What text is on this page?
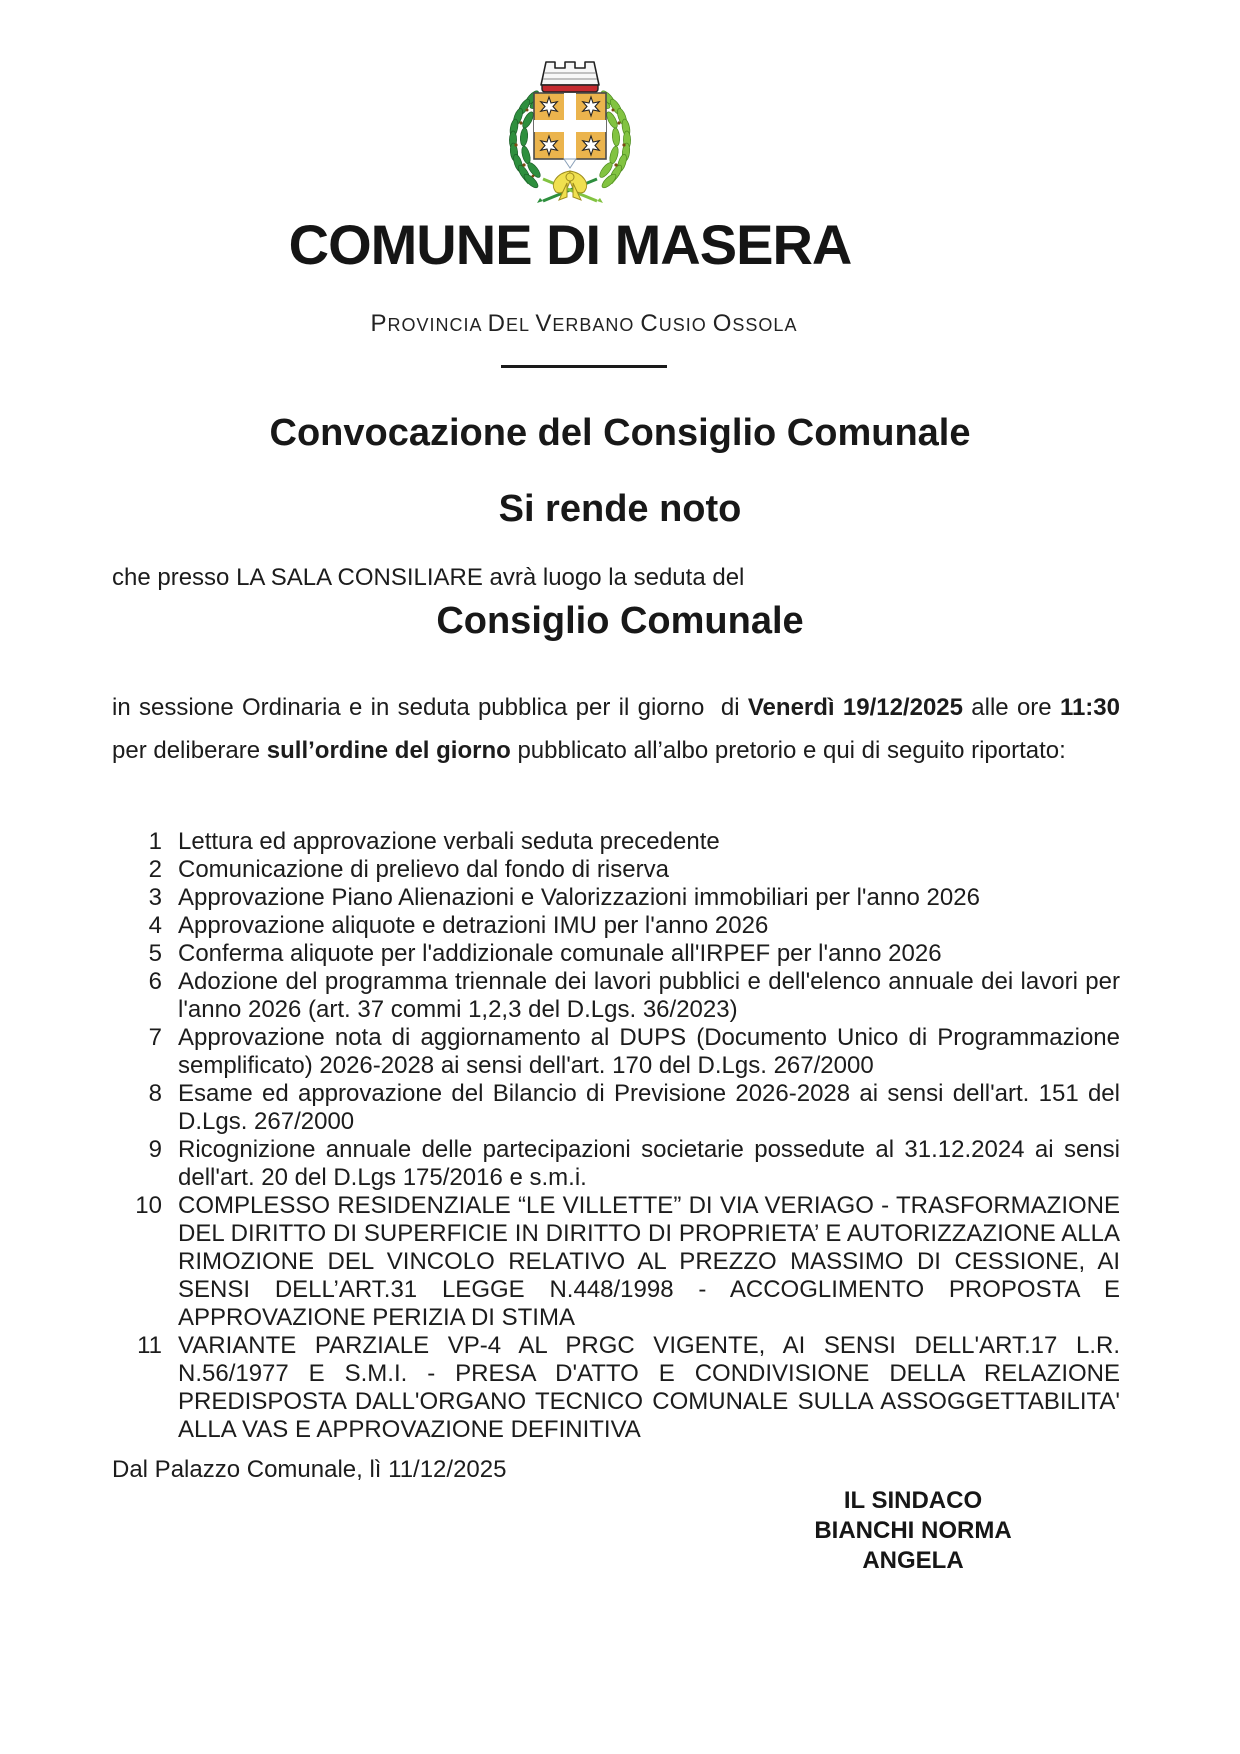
COMUNE DI MASERA
PROVINCIA DEL VERBANO CUSIO OSSOLA
Convocazione del Consiglio Comunale
Si rende noto
che presso LA SALA CONSILIARE avrà luogo la seduta del
Consiglio Comunale

in sessione Ordinaria e in seduta pubblica per il giorno  di Venerdì 19/12/2025 alle ore 11:30 per deliberare sull’ordine del giorno pubblicato all’albo pretorio e qui di seguito riportato:

1 Lettura ed approvazione verbali seduta precedente
2 Comunicazione di prelievo dal fondo di riserva
3 Approvazione Piano Alienazioni e Valorizzazioni immobiliari per l'anno 2026
4 Approvazione aliquote e detrazioni IMU per l'anno 2026
5 Conferma aliquote per l'addizionale comunale all'IRPEF per l'anno 2026
6 Adozione del programma triennale dei lavori pubblici e dell'elenco annuale dei lavori per l'anno 2026 (art. 37 commi 1,2,3 del D.Lgs. 36/2023)
7 Approvazione nota di aggiornamento al DUPS (Documento Unico di Programmazione semplificato) 2026-2028 ai sensi dell'art. 170 del D.Lgs. 267/2000
8 Esame ed approvazione del Bilancio di Previsione 2026-2028 ai sensi dell'art. 151 del D.Lgs. 267/2000
9 Ricognizione annuale delle partecipazioni societarie possedute al 31.12.2024 ai sensi dell'art. 20 del D.Lgs 175/2016 e s.m.i.
10 COMPLESSO RESIDENZIALE “LE VILLETTE” DI VIA VERIAGO - TRASFORMAZIONE DEL DIRITTO DI SUPERFICIE IN DIRITTO DI PROPRIETA’ E AUTORIZZAZIONE ALLA RIMOZIONE DEL VINCOLO RELATIVO AL PREZZO MASSIMO DI CESSIONE, AI SENSI DELL’ART.31 LEGGE N.448/1998 - ACCOGLIMENTO PROPOSTA E APPROVAZIONE PERIZIA DI STIMA
11 VARIANTE PARZIALE VP-4 AL PRGC VIGENTE, AI SENSI DELL'ART.17 L.R. N.56/1977 E S.M.I. - PRESA D'ATTO E CONDIVISIONE DELLA RELAZIONE PREDISPOSTA DALL'ORGANO TECNICO COMUNALE SULLA ASSOGGETTABILITA' ALLA VAS E APPROVAZIONE DEFINITIVA
Dal Palazzo Comunale, lì 11/12/2025
IL SINDACO
BIANCHI NORMA ANGELA
